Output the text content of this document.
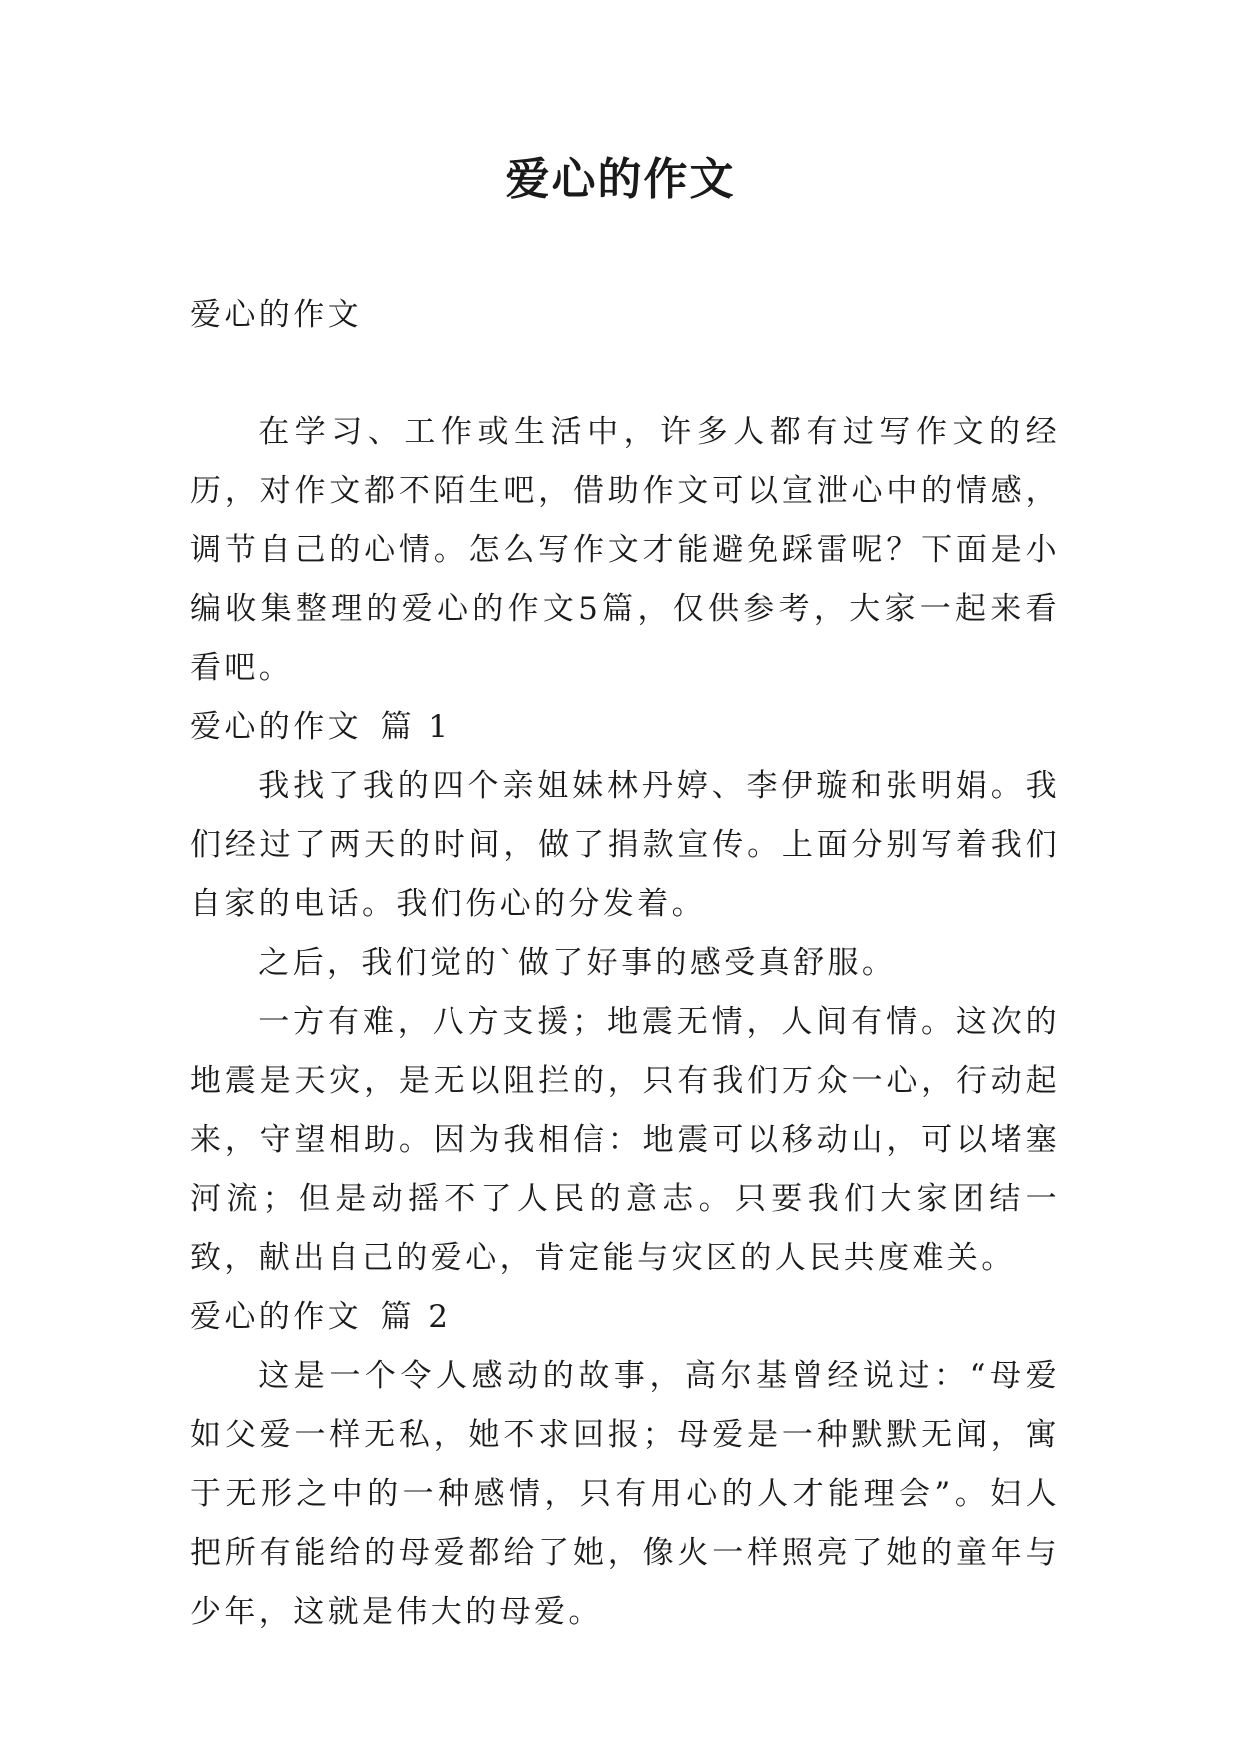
爱心的作文

爱心的作文

在学习、工作或生活中，许多人都有过写作文的经历，对作文都不陌生吧，借助作文可以宣泄心中的情感，调节自己的心情。怎么写作文才能避免踩雷呢？下面是小编收集整理的爱心的作文5篇，仅供参考，大家一起来看看吧。

爱心的作文 篇 1

我找了我的四个亲姐妹林丹婷、李伊璇和张明娟。我们经过了两天的时间，做了捐款宣传。上面分别写着我们自家的电话。我们伤心的分发着。

之后，我们觉的`做了好事的感受真舒服。

一方有难，八方支援；地震无情，人间有情。这次的地震是天灾，是无以阻拦的，只有我们万众一心，行动起来，守望相助。因为我相信：地震可以移动山，可以堵塞河流；但是动摇不了人民的意志。只要我们大家团结一致，献出自己的爱心，肯定能与灾区的人民共度难关。

爱心的作文 篇 2

这是一个令人感动的故事，高尔基曾经说过：“母爱如父爱一样无私，她不求回报；母爱是一种默默无闻，寓于无形之中的一种感情，只有用心的人才能理会”。妇人把所有能给的母爱都给了她，像火一样照亮了她的童年与少年，这就是伟大的母爱。
